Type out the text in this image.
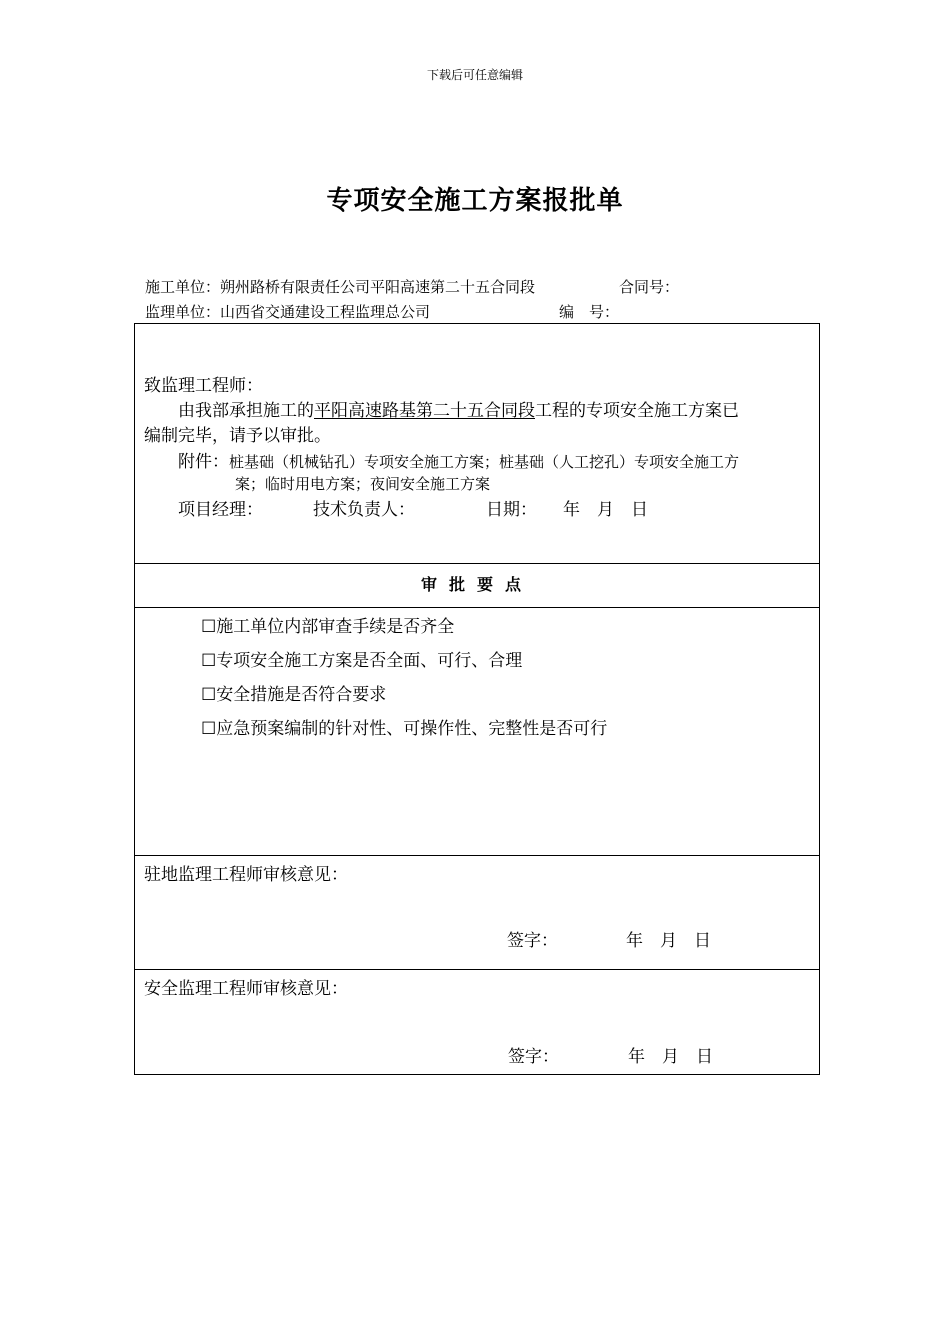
下载后可任意编辑
专项安全施工方案报批单
施工单位：朔州路桥有限责任公司平阳高速第二十五合同段	合同号：
监理单位：山西省交通建设工程监理总公司	编　号：
致监理工程师：
由我部承担施工的平阳高速路基第二十五合同段工程的专项安全施工方案已
编制完毕，请予以审批。
附件：桩基础（机械钻孔）专项安全施工方案；桩基础（人工挖孔）专项安全施工方
案；临时用电方案；夜间安全施工方案
项目经理：	技术负责人：	日期： 年　月　日
审批要点
☐施工单位内部审查手续是否齐全
☐专项安全施工方案是否全面、可行、合理
☐安全措施是否符合要求
☐应急预案编制的针对性、可操作性、完整性是否可行
驻地监理工程师审核意见：
签字：	年　月　日
安全监理工程师审核意见：
签字：	年　月　日
